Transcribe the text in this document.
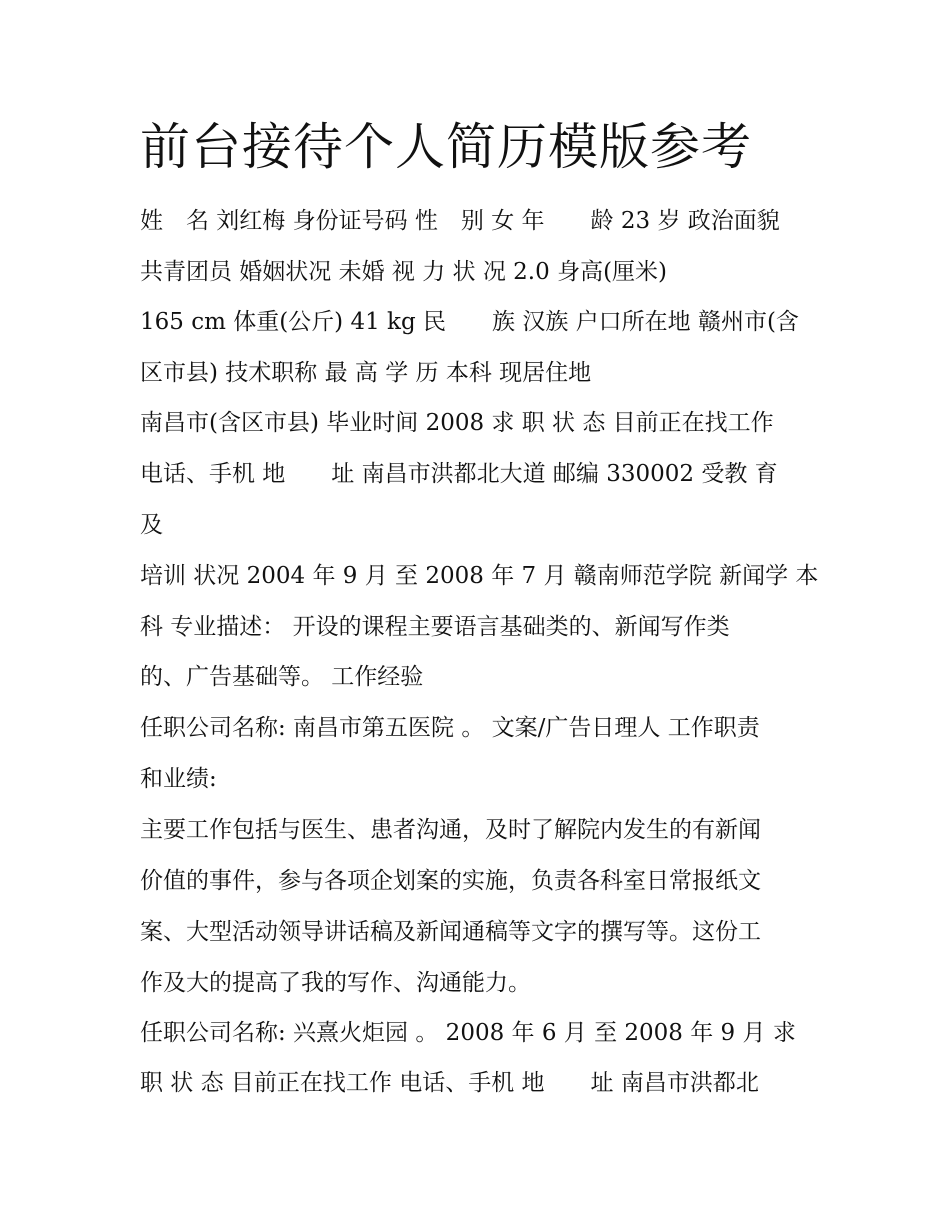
前台接待个人简历模版参考
姓　名 刘红梅 身份证号码 性　别 女 年　　龄 23 岁 政治面貌
共青团员 婚姻状况 未婚 视 力 状 况 2.0 身高(厘米)
165 cm 体重(公斤) 41 kg 民　　族 汉族 户口所在地 赣州市(含
区市县) 技术职称 最 高 学 历 本科 现居住地
南昌市(含区市县) 毕业时间 2008 求 职 状 态 目前正在找工作
电话、手机 地　　址 南昌市洪都北大道 邮编 330002 受教 育
及
培训 状况 2004 年 9 月 至 2008 年 7 月 赣南师范学院 新闻学 本
科 专业描述： 开设的课程主要语言基础类的、新闻写作类
的、广告基础等。 工作经验
任职公司名称: 南昌市第五医院 。 文案/广告日理人 工作职责
和业绩:
主要工作包括与医生、患者沟通，及时了解院内发生的有新闻
价值的事件，参与各项企划案的实施，负责各科室日常报纸文
案、大型活动领导讲话稿及新闻通稿等文字的撰写等。这份工
作及大的提高了我的写作、沟通能力。
任职公司名称: 兴熹火炬园 。 2008 年 6 月 至 2008 年 9 月 求
职 状 态 目前正在找工作 电话、手机 地　　址 南昌市洪都北
